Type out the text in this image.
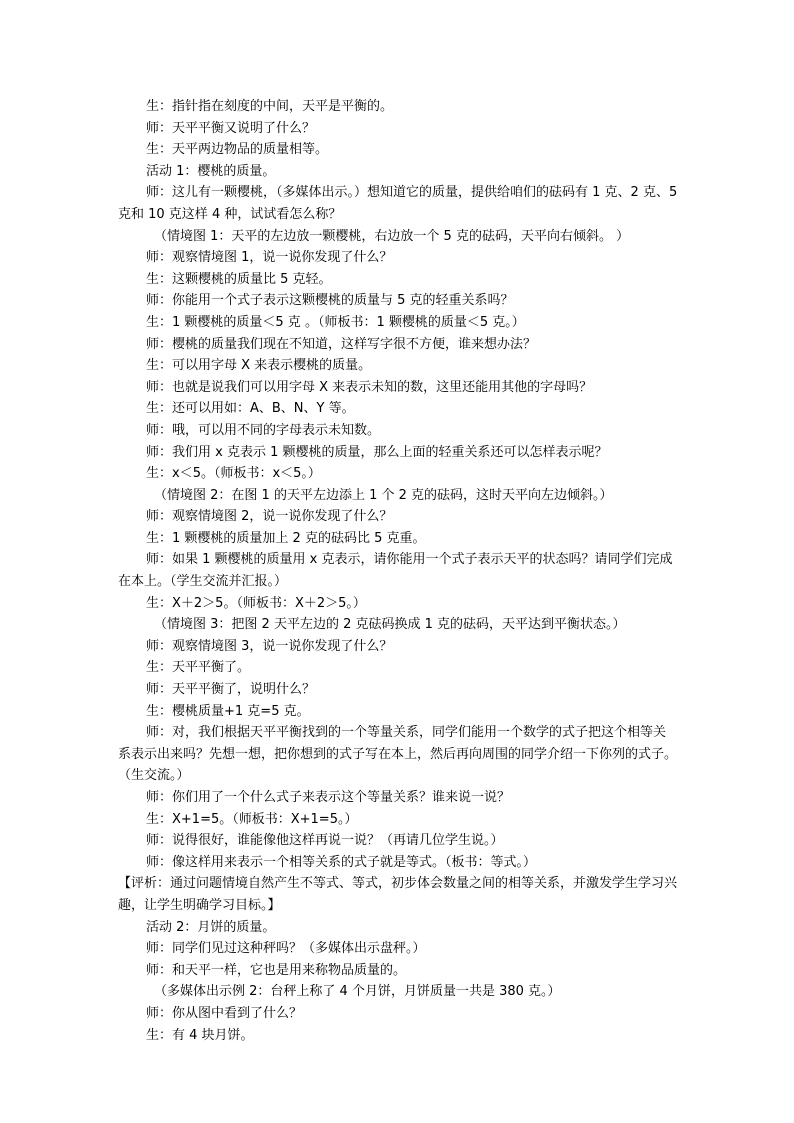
生：指针指在刻度的中间，天平是平衡的。

师：天平平衡又说明了什么？

生：天平两边物品的质量相等。

活动 1：樱桃的质量。

师：这儿有一颗樱桃，（多媒体出示。）想知道它的质量，提供给咱们的砝码有 1 克、2 克、5 克和 10 克这样 4 种，试试看怎么称？

（情境图 1：天平的左边放一颗樱桃，右边放一个 5 克的砝码，天平向右倾斜。 ）

师：观察情境图 1，说一说你发现了什么？

生：这颗樱桃的质量比 5 克轻。

师：你能用一个式子表示这颗樱桃的质量与 5 克的轻重关系吗？

生：1 颗樱桃的质量＜5 克 。（师板书：1 颗樱桃的质量＜5 克。）

师：樱桃的质量我们现在不知道，这样写字很不方便，谁来想办法？

生：可以用字母 X 来表示樱桃的质量。

师：也就是说我们可以用字母 X 来表示未知的数，这里还能用其他的字母吗？

生：还可以用如：A、B、N、Y 等。

师：哦，可以用不同的字母表示未知数。

师：我们用 x 克表示 1 颗樱桃的质量，那么上面的轻重关系还可以怎样表示呢？

生：x＜5。（师板书：x＜5。）

（情境图 2：在图 1 的天平左边添上 1 个 2 克的砝码，这时天平向左边倾斜。）

师：观察情境图 2，说一说你发现了什么？

生：1 颗樱桃的质量加上 2 克的砝码比 5 克重。

师：如果 1 颗樱桃的质量用 x 克表示，请你能用一个式子表示天平的状态吗？请同学们完成在本上。（学生交流并汇报。）

生：X＋2＞5。（师板书：X＋2＞5。）

（情境图 3：把图 2 天平左边的 2 克砝码换成 1 克的砝码，天平达到平衡状态。）

师：观察情境图 3，说一说你发现了什么？

生：天平平衡了。

师：天平平衡了，说明什么？

生：樱桃质量+1 克=5 克。

师：对，我们根据天平平衡找到的一个等量关系，同学们能用一个数学的式子把这个相等关系表示出来吗？先想一想，把你想到的式子写在本上，然后再向周围的同学介绍一下你列的式子。（生交流。）

师：你们用了一个什么式子来表示这个等量关系？谁来说一说？

生：X+1=5。（师板书：X+1=5。）

师：说得很好，谁能像他这样再说一说？（再请几位学生说。）

师：像这样用来表示一个相等关系的式子就是等式。（板书：等式。）

【评析：通过问题情境自然产生不等式、等式，初步体会数量之间的相等关系，并激发学生学习兴趣，让学生明确学习目标。】

活动 2：月饼的质量。

师：同学们见过这种秤吗？（多媒体出示盘秤。）

师：和天平一样，它也是用来称物品质量的。

（多媒体出示例 2：台秤上称了 4 个月饼，月饼质量一共是 380 克。）

师：你从图中看到了什么？

生：有 4 块月饼。
